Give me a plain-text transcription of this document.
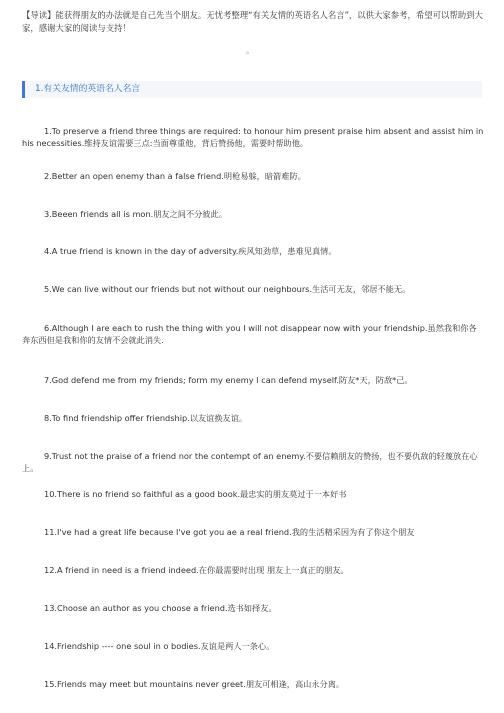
【导读】能获得朋友的办法就是自己先当个朋友。无忧考整理“有关友情的英语名人名言”，以供大家参考，希望可以帮助到大家，感谢大家的阅读与支持！
。
1.有关友情的英语名人名言
1.To preserve a friend three things are required: to honour him present praise him absent and assist him in his necessities.维持友谊需要三点:当面尊重他，背后赞扬他，需要时帮助他。
2.Better an open enemy than a false friend.明枪易躲，暗箭难防。
3.Beeen friends all is mon.朋友之间不分彼此。
4.A true friend is known in the day of adversity.疾风知劲草，患难见真情。
5.We can live without our friends but not without our neighbours.生活可无友，邻居不能无。
6.Although I are each to rush the thing with you I will not disappear now with your friendship.虽然我和你各奔东西但是我和你的友情不会就此消失.
7.God defend me from my friends; form my enemy I can defend myself.防友*天，防敌*己。
8.To find friendship offer friendship.以友谊换友谊。
9.Trust not the praise of a friend nor the contempt of an enemy.不要信赖朋友的赞扬，也不要仇敌的轻蔑放在心上。
10.There is no friend so faithful as a good book.最忠实的朋友莫过于一本好书
11.I've had a great life because I've got you ae a real friend.我的生活精采因为有了你这个朋友
12.A friend in need is a friend indeed.在你最需要时出现 朋友上一真正的朋友。
13.Choose an author as you choose a friend.选书如择友。
14.Friendship ---- one soul in o bodies.友谊是两人一条心。
15.Friends may meet but mountains never greet.朋友可相逢，高山永分离。
